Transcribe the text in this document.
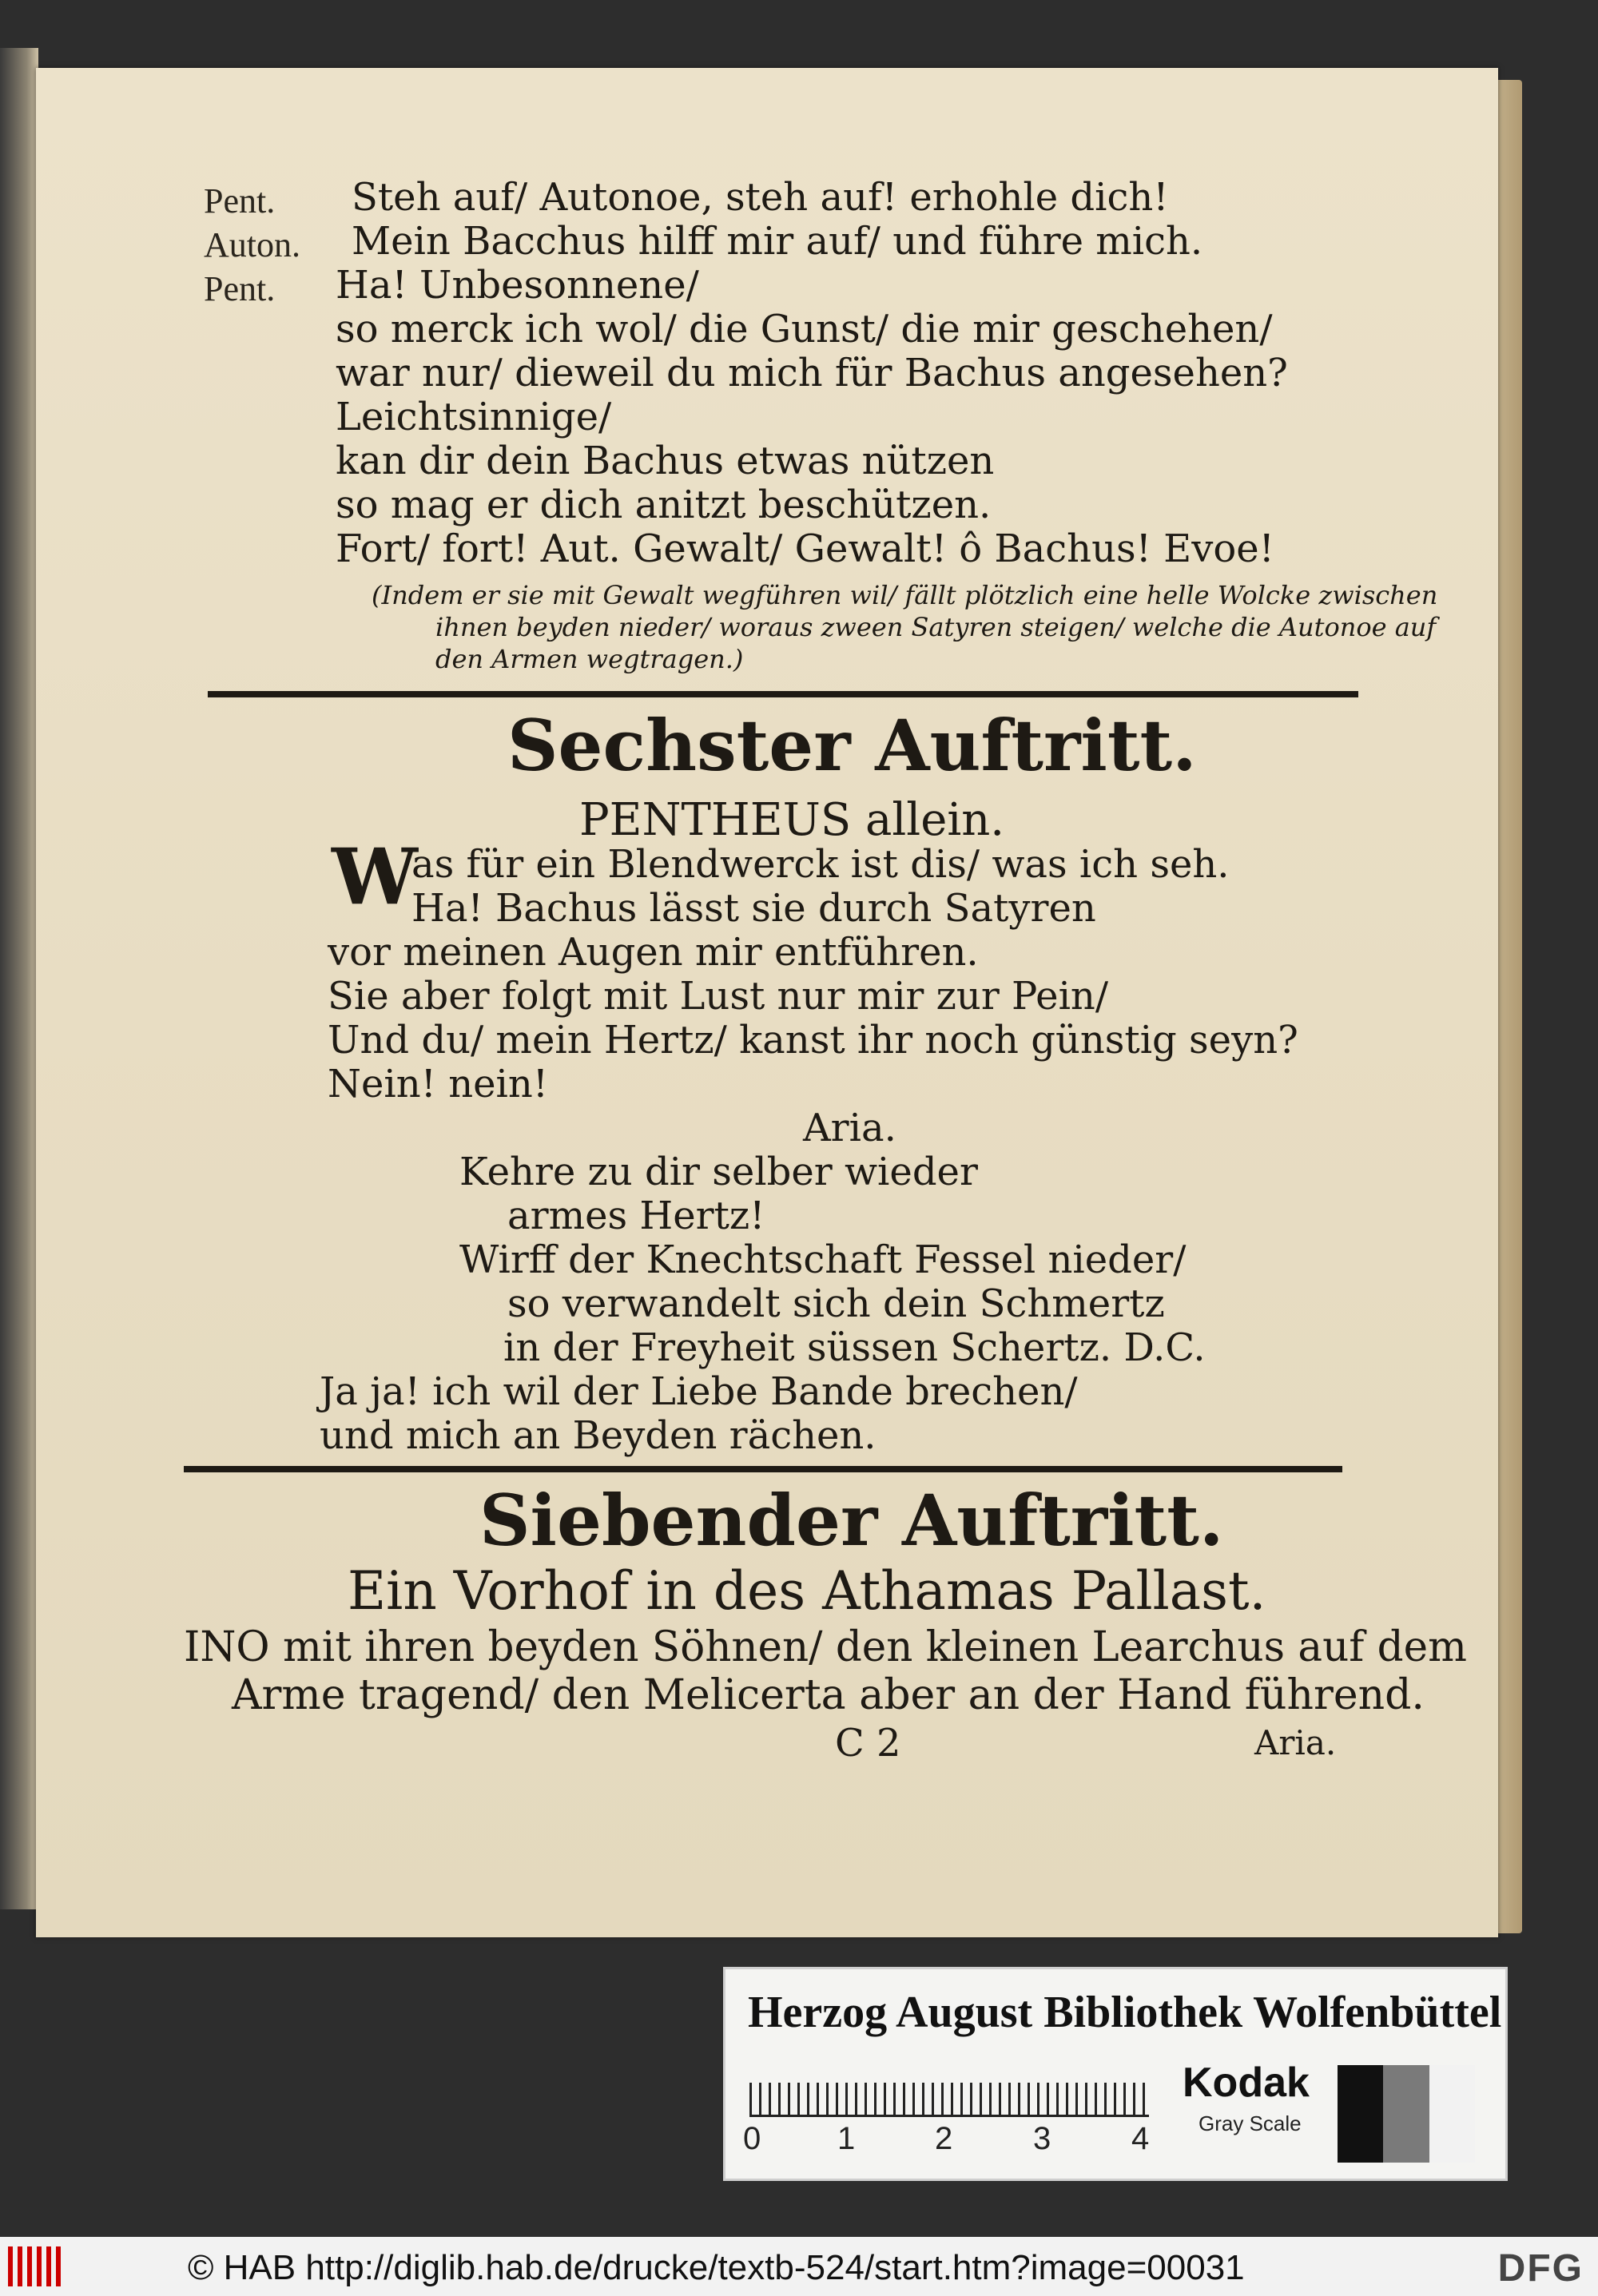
Pent. Steh auf/ Autonoe, steh auf! erhohle dich!
Auton. Mein Bacchus hilff mir auf/ und führe mich.
Pent. Ha! Unbesonnene/
so merck ich wol/ die Gunst/ die mir geschehen/
war nur/ dieweil du mich für Bachus angesehen?
Leichtsinnige/
kan dir dein Bachus etwas nützen
so mag er dich anitzt beschützen.
Fort/ fort! Aut. Gewalt/ Gewalt! ô Bachus! Evoe!
(Indem er sie mit Gewalt wegführen wil/ fällt plötzlich eine helle Wolcke zwischen
ihnen beyden nieder/ woraus zween Satyren steigen/ welche die Autonoe auf
den Armen wegtragen.)
Sechster Auftritt.
PENTHEUS allein.
W
as für ein Blendwerck ist dis/ was ich seh.
Ha! Bachus lässt sie durch Satyren
vor meinen Augen mir entführen.
Sie aber folgt mit Lust nur mir zur Pein/
Und du/ mein Hertz/ kanst ihr noch günstig seyn?
Nein! nein!
Aria.
Kehre zu dir selber wieder
armes Hertz!
Wirff der Knechtschaft Fessel nieder/
so verwandelt sich dein Schmertz
in der Freyheit süssen Schertz. D.C.
Ja ja! ich wil der Liebe Bande brechen/
und mich an Beyden rächen.
Siebender Auftritt.
Ein Vorhof in des Athamas Pallast.
INO mit ihren beyden Söhnen/ den kleinen Learchus auf dem
Arme tragend/ den Melicerta aber an der Hand führend.
C 2	Aria.
Herzog August Bibliothek Wolfenbüttel
0 1 2	3	4
Kodak
Gray Scale
© HAB http://diglib.hab.de/drucke/textb-524/start.htm?image=00031	DFG
